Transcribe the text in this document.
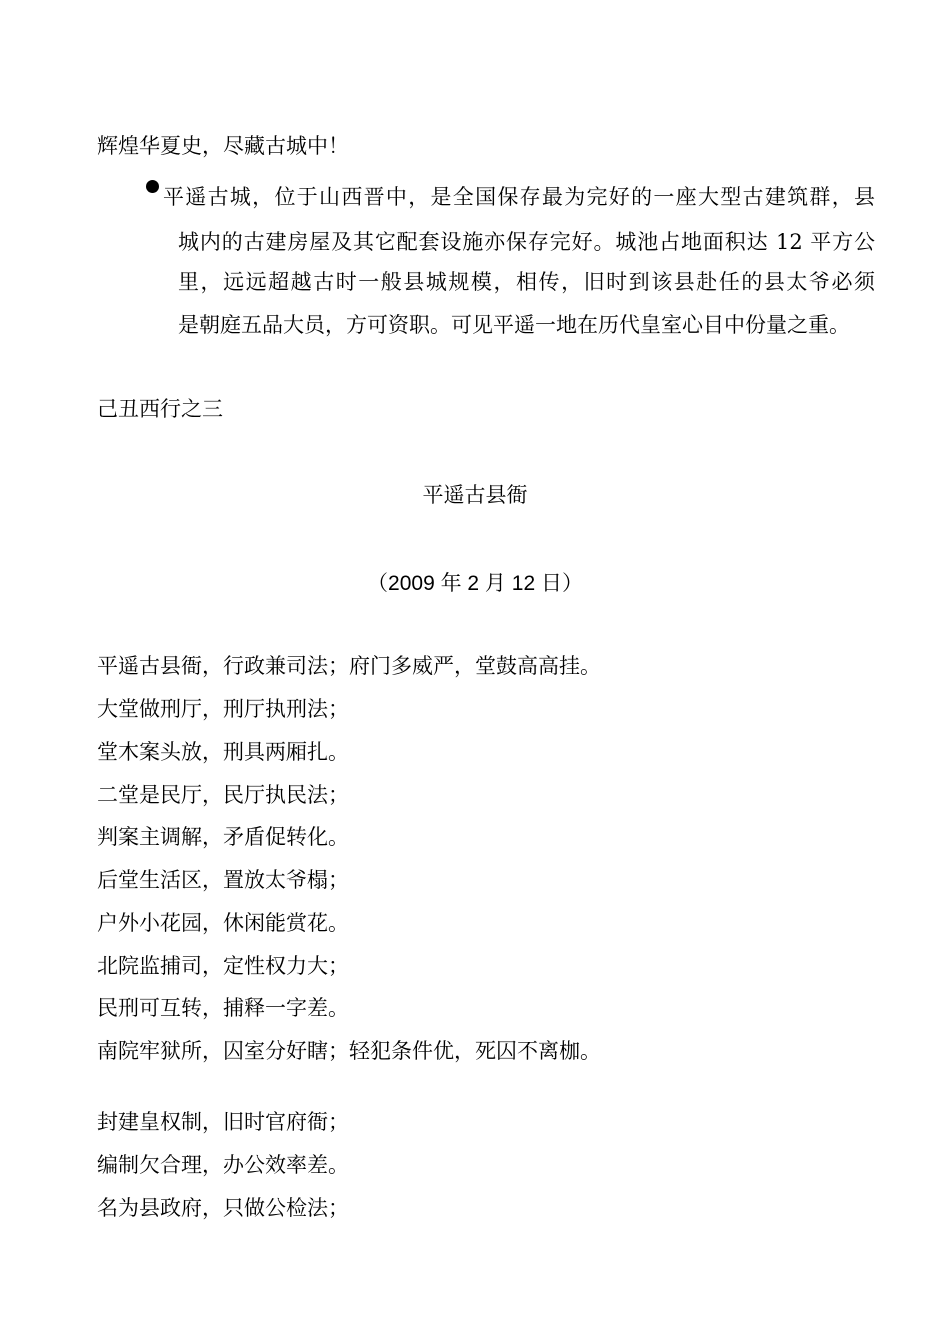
辉煌华夏史，尽藏古城中！
平遥古城，位于山西晋中，是全国保存最为完好的一座大型古建筑群，县
城内的古建房屋及其它配套设施亦保存完好。城池占地面积达 12 平方公
里，远远超越古时一般县城规模，相传，旧时到该县赴任的县太爷必须
是朝庭五品大员，方可资职。可见平遥一地在历代皇室心目中份量之重。
己丑西行之三
平遥古县衙
（2009 年 2 月 12 日）
平遥古县衙，行政兼司法；府门多威严，堂鼓高高挂。
大堂做刑厅，刑厅执刑法；
堂木案头放，刑具两厢扎。
二堂是民厅，民厅执民法；
判案主调解，矛盾促转化。
后堂生活区，置放太爷榻；
户外小花园，休闲能赏花。
北院监捕司，定性权力大；
民刑可互转，捕释一字差。
南院牢狱所，囚室分好瞎；轻犯条件优，死囚不离枷。
封建皇权制，旧时官府衙；
编制欠合理，办公效率差。
名为县政府，只做公检法；
